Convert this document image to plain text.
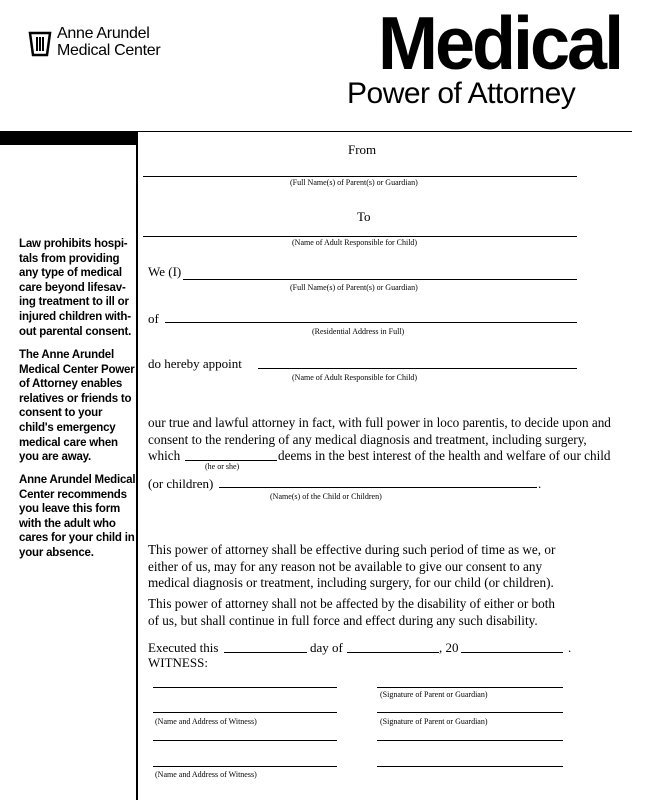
Anne Arundel
Medical Center	Medical
Power of Attorney
Law prohibits hospi-
tals from providing
any type of medical
care beyond lifesav-
ing treatment to ill or
injured children with-
out parental consent.
The Anne Arundel
Medical Center Power
of Attorney enables
relatives or friends to
consent to your
child's emergency
medical care when
you are away.
Anne Arundel Medical
Center recommends
you leave this form
with the adult who
cares for your child in
your absence.
From
(Full Name(s) of Parent(s) or Guardian)
To
(Name of Adult Responsible for Child)
We (I)
(Full Name(s) of Parent(s) or Guardian)
of
(Residential Address in Full)
do hereby appoint
(Name of Adult Responsible for Child)
our true and lawful attorney in fact, with full power in loco parentis, to decide upon and
consent to the rendering of any medical diagnosis and treatment, including surgery,
which	deems in the best interest of the health and welfare of our child
(he or she)
(or children)	.
(Name(s) of the Child or Children)
This power of attorney shall be effective during such period of time as we, or
either of us, may for any reason not be available to give our consent to any
medical diagnosis or treatment, including surgery, for our child (or children).
This power of attorney shall not be affected by the disability of either or both
of us, but shall continue in full force and effect during any such disability.
Executed this	day of	, 20	.
WITNESS:
(Signature of Parent or Guardian)
(Name and Address of Witness)	(Signature of Parent or Guardian)
(Name and Address of Witness)
